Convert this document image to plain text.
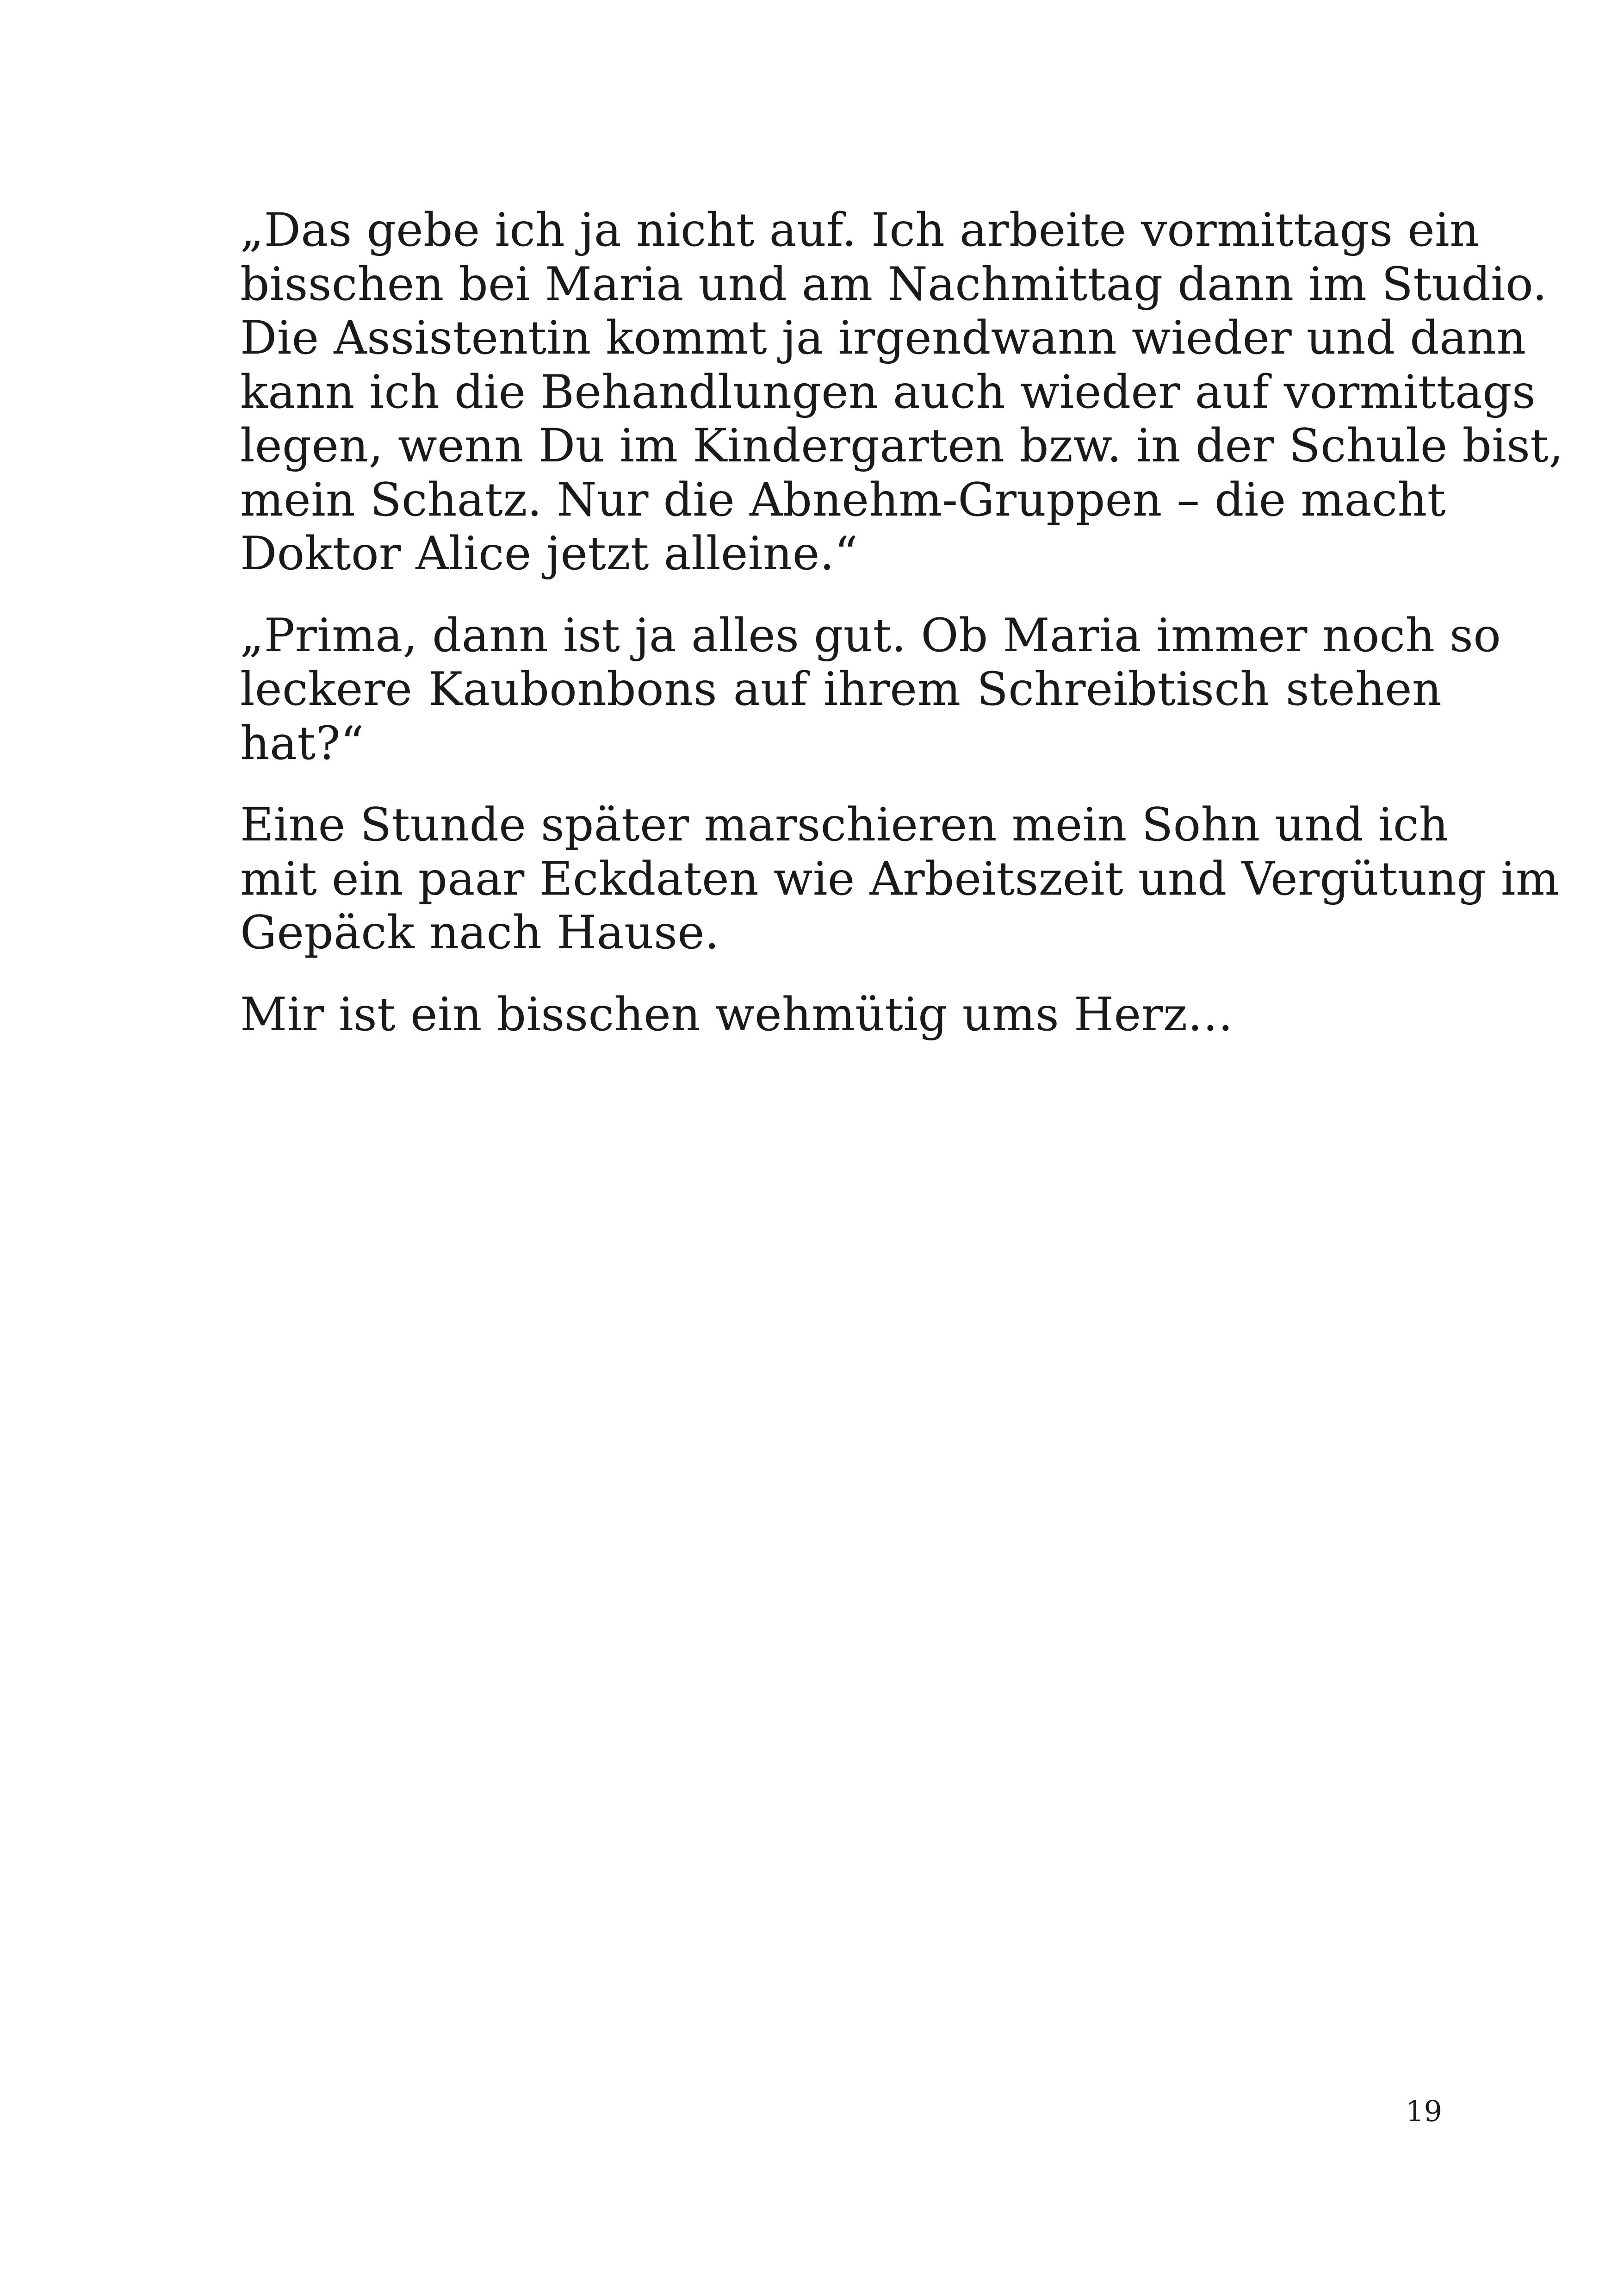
„Das gebe ich ja nicht auf. Ich arbeite vormittags ein
bisschen bei Maria und am Nachmittag dann im Studio.
Die Assistentin kommt ja irgendwann wieder und dann
kann ich die Behandlungen auch wieder auf vormittags
legen, wenn Du im Kindergarten bzw. in der Schule bist,
mein Schatz. Nur die Abnehm-Gruppen – die macht
Doktor Alice jetzt alleine.“

„Prima, dann ist ja alles gut. Ob Maria immer noch so
leckere Kaubonbons auf ihrem Schreibtisch stehen
hat?“

Eine Stunde später marschieren mein Sohn und ich
mit ein paar Eckdaten wie Arbeitszeit und Vergütung im
Gepäck nach Hause.

Mir ist ein bisschen wehmütig ums Herz…

19
